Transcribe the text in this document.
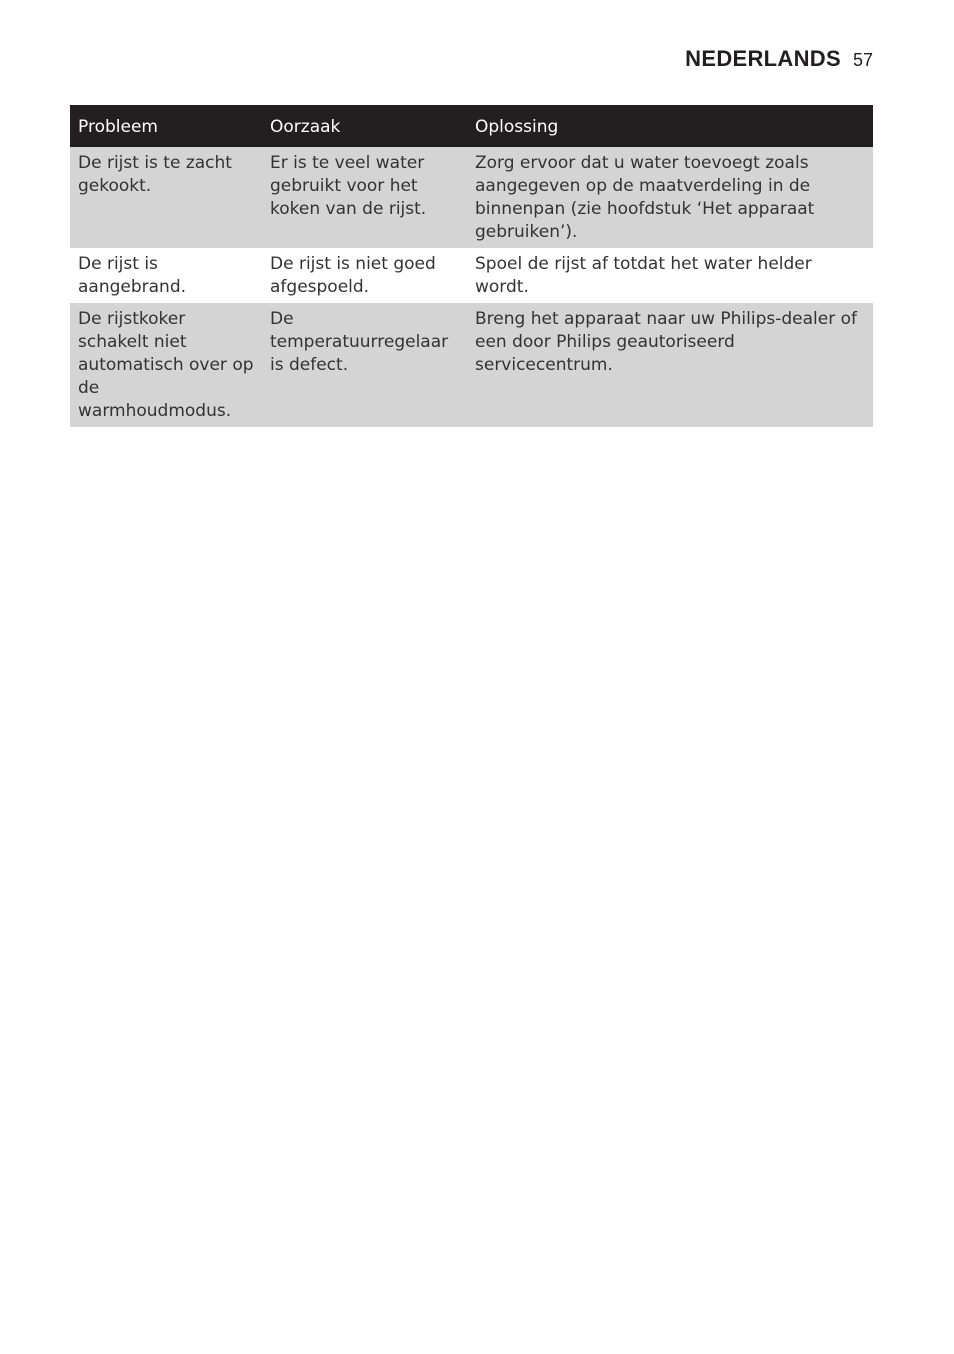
NEDERLANDS 57
Probleem	Oorzaak	Oplossing
De rijst is te zacht gekookt.	Er is te veel water gebruikt voor het koken van de rijst.	Zorg ervoor dat u water toevoegt zoals aangegeven op de maatverdeling in de binnenpan (zie hoofdstuk ‘Het apparaat gebruiken’).
De rijst is aangebrand.	De rijst is niet goed afgespoeld.	Spoel de rijst af totdat het water helder wordt.
De rijstkoker schakelt niet automatisch over op de warmhoudmodus.	De temperatuurregelaar is defect.	Breng het apparaat naar uw Philips-dealer of een door Philips geautoriseerd servicecentrum.
